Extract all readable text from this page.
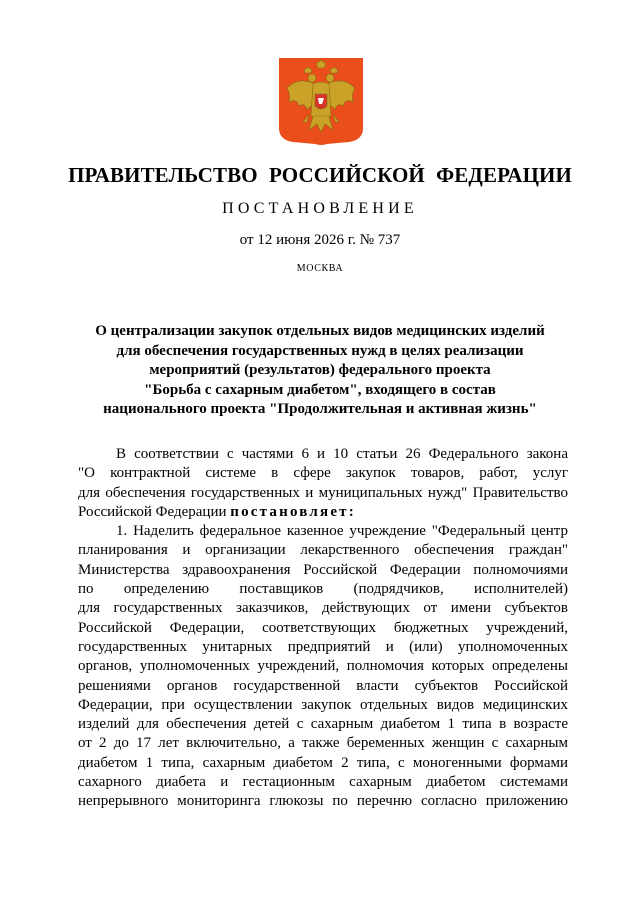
ПРАВИТЕЛЬСТВО РОССИЙСКОЙ ФЕДЕРАЦИИ
ПОСТАНОВЛЕНИЕ
от 12 июня 2026 г. № 737
МОСКВА
О централизации закупок отдельных видов медицинских изделий
для обеспечения государственных нужд в целях реализации
мероприятий (результатов) федерального проекта
"Борьба с сахарным диабетом", входящего в состав
национального проекта "Продолжительная и активная жизнь"
В соответствии с частями 6 и 10 статьи 26 Федерального закона
"О контрактной системе в сфере закупок товаров, работ, услуг
для обеспечения государственных и муниципальных нужд" Правительство
Российской Федерации постановляет:
1. Наделить федеральное казенное учреждение "Федеральный центр
планирования и организации лекарственного обеспечения граждан"
Министерства здравоохранения Российской Федерации полномочиями
по определению поставщиков (подрядчиков, исполнителей)
для государственных заказчиков, действующих от имени субъектов
Российской Федерации, соответствующих бюджетных учреждений,
государственных унитарных предприятий и (или) уполномоченных
органов, уполномоченных учреждений, полномочия которых определены
решениями органов государственной власти субъектов Российской
Федерации, при осуществлении закупок отдельных видов медицинских
изделий для обеспечения детей с сахарным диабетом 1 типа в возрасте
от 2 до 17 лет включительно, а также беременных женщин с сахарным
диабетом 1 типа, сахарным диабетом 2 типа, с моногенными формами
сахарного диабета и гестационным сахарным диабетом системами
непрерывного мониторинга глюкозы по перечню согласно приложению
